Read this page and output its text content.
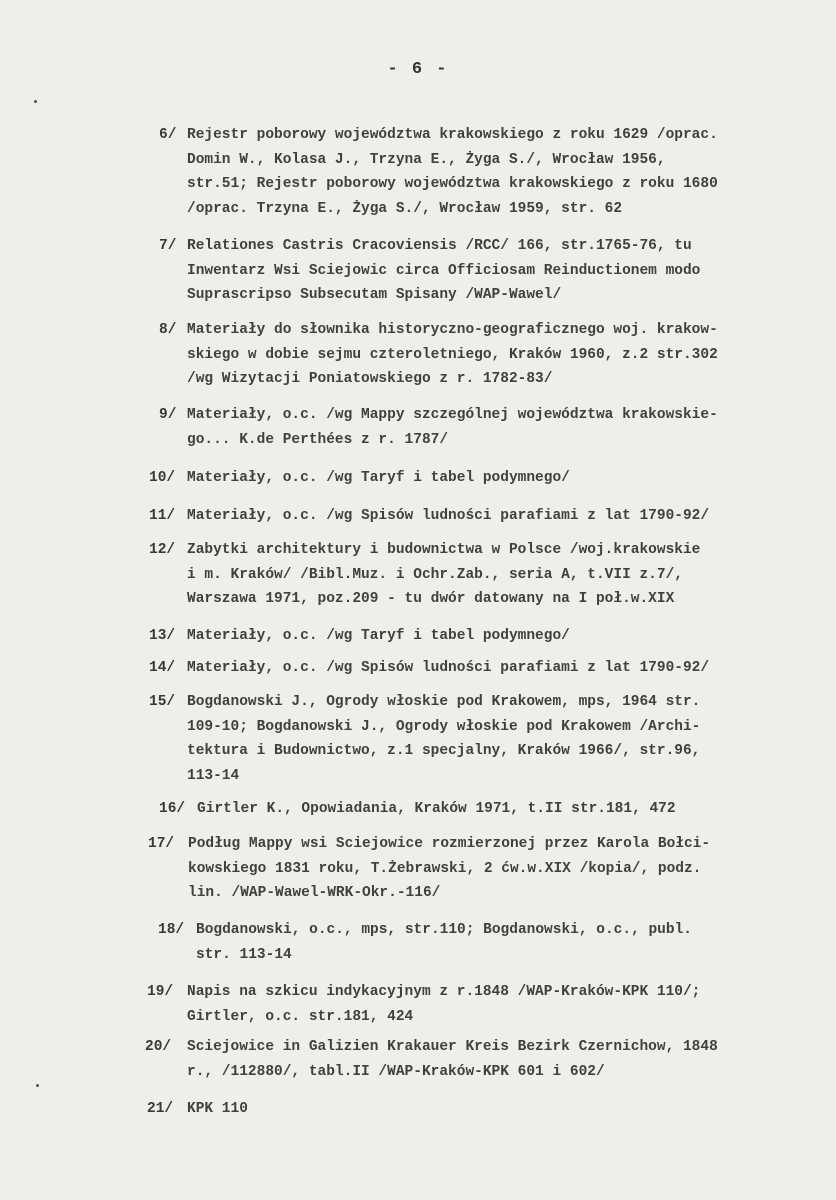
- 6 -
6/ Rejestr poborowy województwa krakowskiego z roku 1629 /oprac.
Domin W., Kolasa J., Trzyna E., Żyga S./, Wrocław 1956,
str.51; Rejestr poborowy województwa krakowskiego z roku 1680
/oprac. Trzyna E., Żyga S./, Wrocław 1959, str. 62
7/ Relationes Castris Cracoviensis /RCC/ 166, str.1765-76, tu
Inwentarz Wsi Sciejowic circa Officiosam Reinductionem modo
Suprascripso Subsecutam Spisany /WAP-Wawel/
8/ Materiały do słownika historyczno-geograficznego woj. krakow-
skiego w dobie sejmu czteroletniego, Kraków 1960, z.2 str.302
/wg Wizytacji Poniatowskiego z r. 1782-83/
9/ Materiały, o.c. /wg Mappy szczególnej województwa krakowskie-
go... K.de Perthées z r. 1787/
10/ Materiały, o.c. /wg Taryf i tabel podymnego/
11/ Materiały, o.c. /wg Spisów ludności parafiami z lat 1790-92/
12/ Zabytki architektury i budownictwa w Polsce /woj.krakowskie
i m. Kraków/ /Bibl.Muz. i Ochr.Zab., seria A, t.VII z.7/,
Warszawa 1971, poz.209 - tu dwór datowany na I poł.w.XIX
13/ Materiały, o.c. /wg Taryf i tabel podymnego/
14/ Materiały, o.c. /wg Spisów ludności parafiami z lat 1790-92/
15/ Bogdanowski J., Ogrody włoskie pod Krakowem, mps, 1964 str.
109-10; Bogdanowski J., Ogrody włoskie pod Krakowem /Archi-
tektura i Budownictwo, z.1 specjalny, Kraków 1966/, str.96,
113-14
16/ Girtler K., Opowiadania, Kraków 1971, t.II str.181, 472
17/ Podług Mappy wsi Sciejowice rozmierzonej przez Karola Bołcі-
kowskiego 1831 roku, T.Żebrawski, 2 ćw.w.XIX /kopia/, podz.
lin. /WAP-Wawel-WRK-Okr.-116/
18/ Bogdanowski, o.c., mps, str.110; Bogdanowski, o.c., publ.
str. 113-14
19/ Napis na szkicu indykacyjnym z r.1848 /WAP-Kraków-KPK 110/;
Girtler, o.c. str.181, 424
20/ Sciejowice in Galizien Krakauer Kreis Bezirk Czernichow, 1848
r., /112880/, tabl.II /WAP-Kraków-KPK 601 i 602/
21/ KPK 110
